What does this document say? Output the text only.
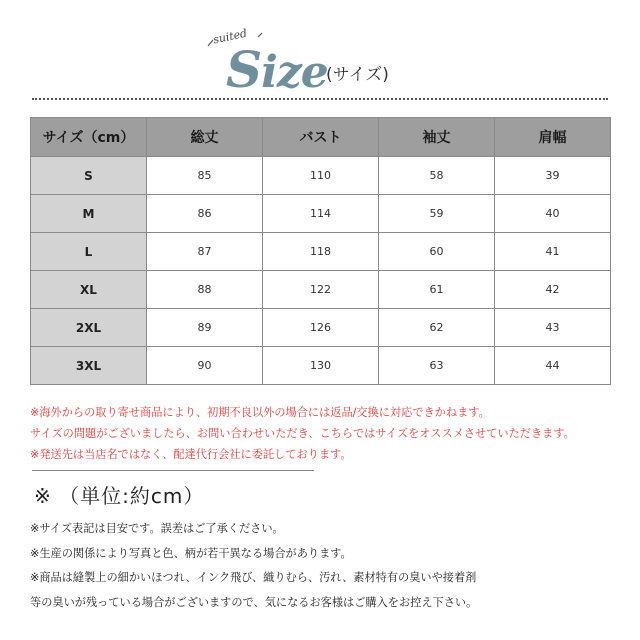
suited
Size
(サイズ)
サイズ（cm）	総丈	バスト	袖丈	肩幅
S	85	110	58	39
M	86	114	59	40
L	87	118	60	41
XL	88	122	61	42
2XL	89	126	62	43
3XL	90	130	63	44
※海外からの取り寄せ商品により、初期不良以外の場合には返品/交換に対応できかねます。
サイズの問題がございましたら、お問い合わせいただき、こちらではサイズをオススメさせていただきます。
※発送先は当店名ではなく、配達代行会社に委託しております。
※ （単位:約cm）
※サイズ表記は目安です。誤差はご了承ください。
※生産の関係により写真と色、柄が若干異なる場合があります。
※商品は縫製上の細かいほつれ、インク飛び、織りむら、汚れ、素材特有の臭いや接着剤
等の臭いが残っている場合がございますので、気になるお客様はご購入をお控え下さい。
